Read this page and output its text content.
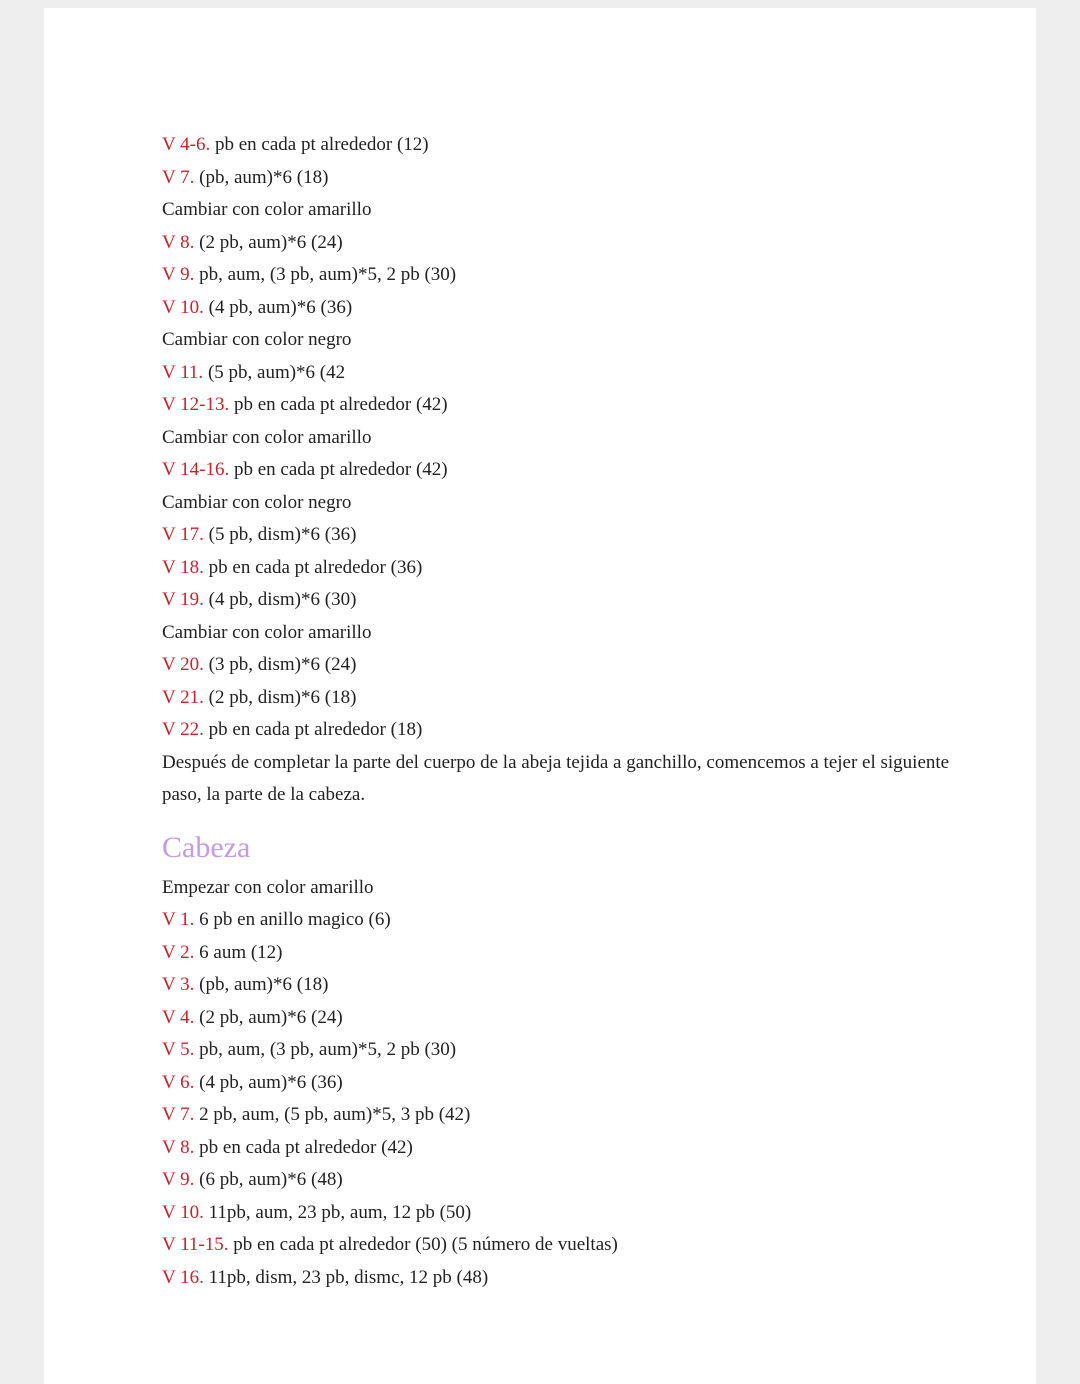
V 4-6. pb en cada pt alrededor (12)
V 7. (pb, aum)*6 (18)
Cambiar con color amarillo
V 8. (2 pb, aum)*6 (24)
V 9. pb, aum, (3 pb, aum)*5, 2 pb (30)
V 10. (4 pb, aum)*6 (36)
Cambiar con color negro
V 11. (5 pb, aum)*6 (42
V 12-13. pb en cada pt alrededor (42)
Cambiar con color amarillo
V 14-16. pb en cada pt alrededor (42)
Cambiar con color negro
V 17. (5 pb, dism)*6 (36)
V 18. pb en cada pt alrededor (36)
V 19. (4 pb, dism)*6 (30)
Cambiar con color amarillo
V 20. (3 pb, dism)*6 (24)
V 21. (2 pb, dism)*6 (18)
V 22. pb en cada pt alrededor (18)

Después de completar la parte del cuerpo de la abeja tejida a ganchillo, comencemos a tejer el siguiente paso, la parte de la cabeza.

Cabeza
Empezar con color amarillo
V 1. 6 pb en anillo magico (6)
V 2. 6 aum (12)
V 3. (pb, aum)*6 (18)
V 4. (2 pb, aum)*6 (24)
V 5. pb, aum, (3 pb, aum)*5, 2 pb (30)
V 6. (4 pb, aum)*6 (36)
V 7. 2 pb, aum, (5 pb, aum)*5, 3 pb (42)
V 8. pb en cada pt alrededor (42)
V 9. (6 pb, aum)*6 (48)
V 10. 11pb, aum, 23 pb, aum, 12 pb (50)
V 11-15. pb en cada pt alrededor (50) (5 número de vueltas)
V 16. 11pb, dism, 23 pb, dismc, 12 pb (48)
